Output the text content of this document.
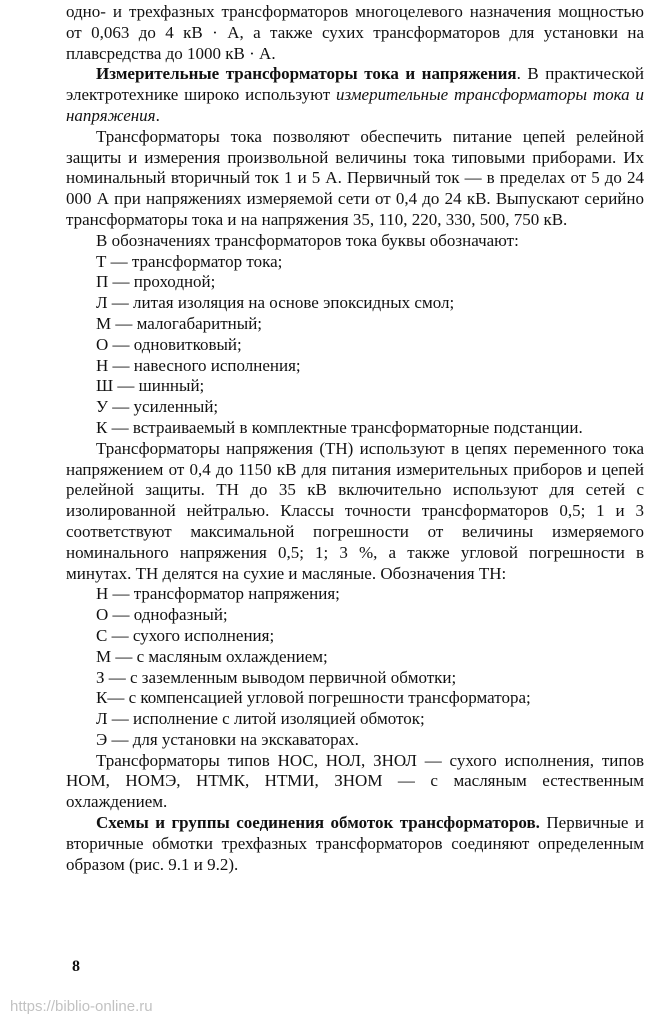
одно- и трехфазных трансформаторов многоцелевого назначения мощностью от 0,063 до 4 кВ · А, а также сухих трансформаторов для установки на плавсредства до 1000 кВ · А.

Измерительные трансформаторы тока и напряжения. В практической электротехнике широко используют измерительные трансформаторы тока и напряжения.

Трансформаторы тока позволяют обеспечить питание цепей релейной защиты и измерения произвольной величины тока типовыми приборами. Их номинальный вторичный ток 1 и 5 А. Первичный ток — в пределах от 5 до 24 000 А при напряжениях измеряемой сети от 0,4 до 24 кВ. Выпускают серийно трансформаторы тока и на напряжения 35, 110, 220, 330, 500, 750 кВ.

В обозначениях трансформаторов тока буквы обозначают:

Т — трансформатор тока;

П — проходной;

Л — литая изоляция на основе эпоксидных смол;

М — малогабаритный;

О — одновитковый;

Н — навесного исполнения;

Ш — шинный;

У — усиленный;

К — встраиваемый в комплектные трансформаторные подстанции.

Трансформаторы напряжения (ТН) используют в цепях переменного тока напряжением от 0,4 до 1150 кВ для питания измерительных приборов и цепей релейной защиты. ТН до 35 кВ включительно используют для сетей с изолированной нейтралью. Классы точности трансформаторов 0,5; 1 и 3 соответствуют максимальной погрешности от величины измеряемого номинального напряжения 0,5; 1; 3 %, а также угловой погрешности в минутах. ТН делятся на сухие и масляные. Обозначения ТН:

Н — трансформатор напряжения;

О — однофазный;

С — сухого исполнения;

М — с масляным охлаждением;

З — с заземленным выводом первичной обмотки;

К— с компенсацией угловой погрешности трансформатора;

Л — исполнение с литой изоляцией обмоток;

Э — для установки на экскаваторах.

Трансформаторы типов НОС, НОЛ, ЗНОЛ — сухого исполнения, типов НОМ, НОМЭ, НТМК, НТМИ, ЗНОМ — с масляным естественным охлаждением.

Схемы и группы соединения обмоток трансформаторов. Первичные и вторичные обмотки трехфазных трансформаторов соединяют определенным образом (рис. 9.1 и 9.2).

8
https://biblio-online.ru
